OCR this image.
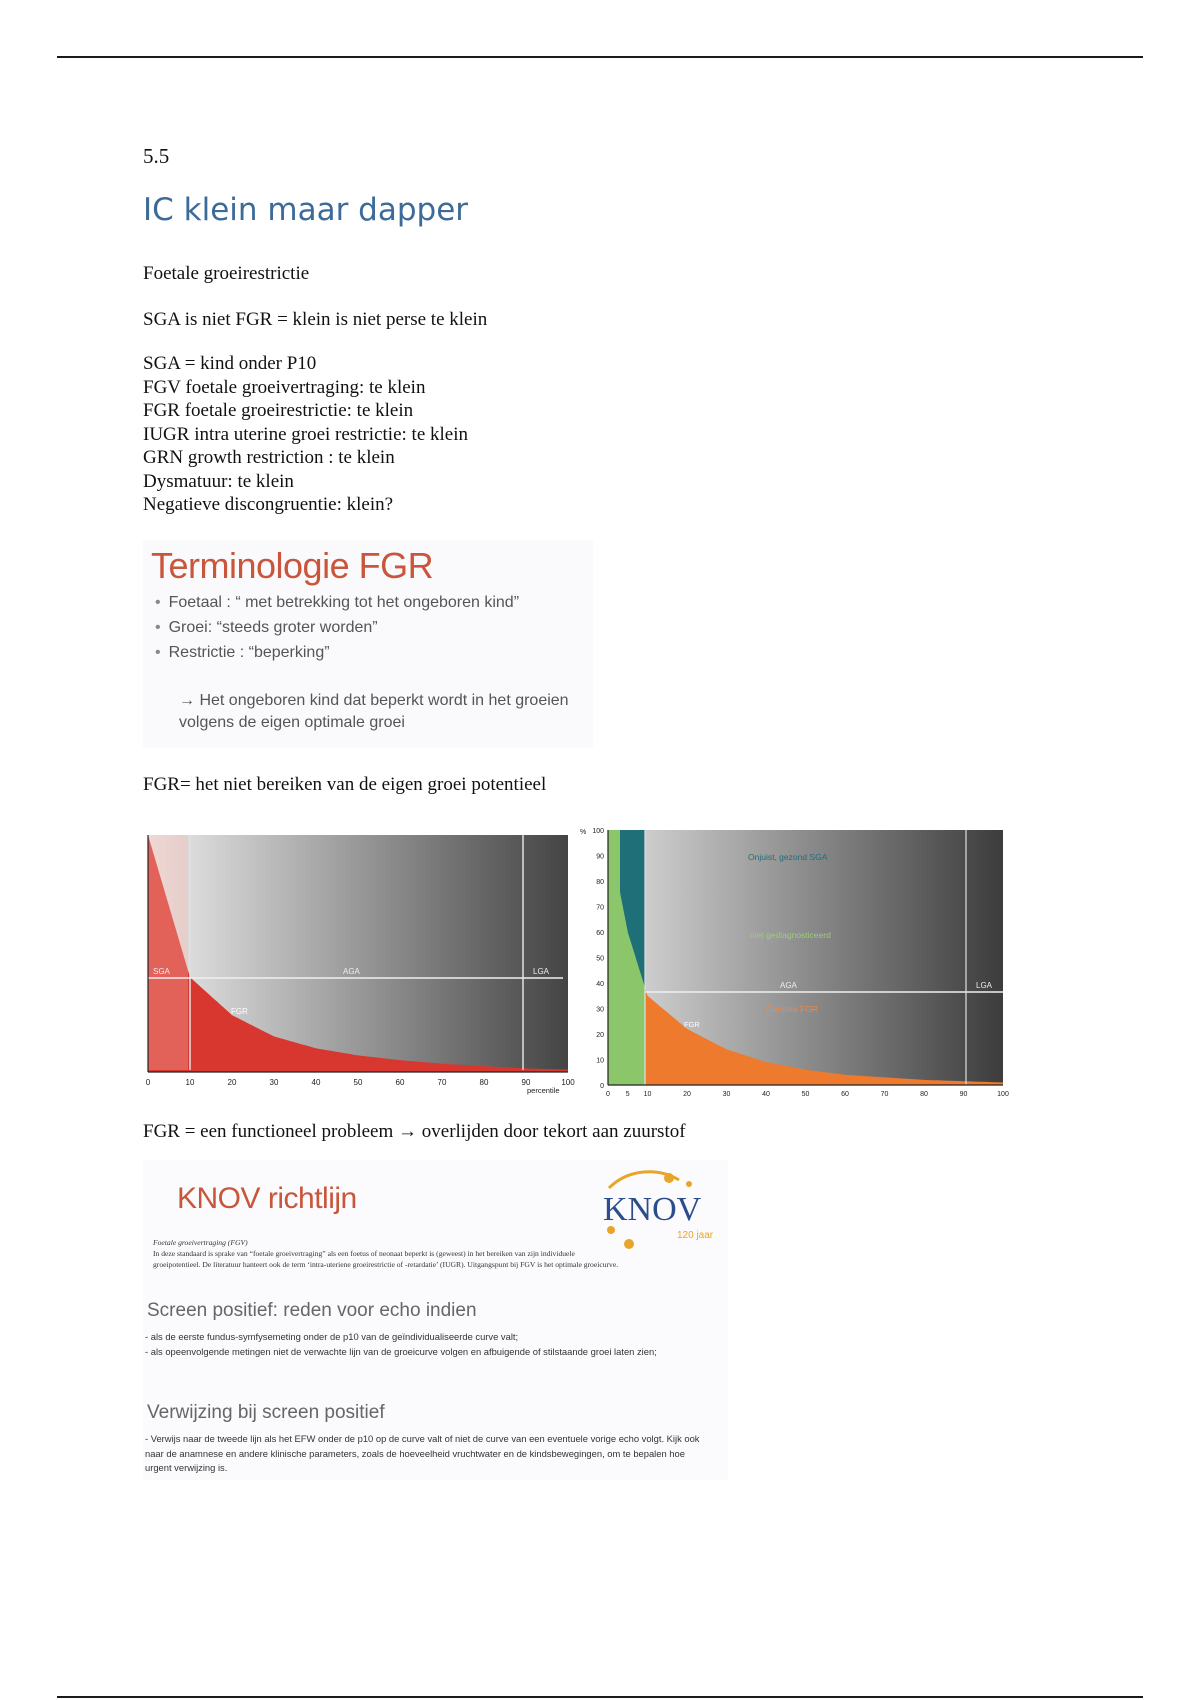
5.5
IC klein maar dapper
Foetale groeirestrictie
SGA is niet FGR = klein is niet perse te klein
SGA = kind onder P10
FGV foetale groeivertraging: te klein
FGR foetale groeirestrictie: te klein
IUGR intra uterine groei restrictie: te klein
GRN growth restriction : te klein
Dysmatuur: te klein
Negatieve discongruentie: klein?
Terminologie FGR
• Foetaal : “ met betrekking tot het ongeboren kind”
• Groei: “steeds groter worden”
• Restrictie : “beperking”
→ Het ongeboren kind dat beperkt wordt in het groeien volgens de eigen optimale groei
FGR= het niet bereiken van de eigen groei potentieel
SGA	AGA	LGA
FGR
0	10	20	30	40	50	60	70	80	90	100
percentile
AGA	LGA
FGR
Onjuist, gezond SGA
niet gediagnosticeerd
Gemiste FGR
% 100
90
80
70
60
50
40
30
20
10
0
0 5 10	20	30	40	50	60	70	80	90	100
FGR = een functioneel probleem → overlijden door tekort aan zuurstof
KNOV richtlijn	KNOV
120 jaar
Foetale groeivertraging (FGV)
In deze standaard is sprake van “foetale groeivertraging” als een foetus of neonaat beperkt is (geweest) in het bereiken van zijn individuele groeipotentieel. De literatuur hanteert ook de term ‘intra-uteriene groeirestrictie of -retardatie’ (IUGR). Uitgangspunt bij FGV is het optimale groeicurve.
Screen positief: reden voor echo indien
- als de eerste fundus-symfysemeting onder de p10 van de geïndividualiseerde curve valt;
- als opeenvolgende metingen niet de verwachte lijn van de groeicurve volgen en afbuigende of stilstaande groei laten zien;
Verwijzing bij screen positief
- Verwijs naar de tweede lijn als het EFW onder de p10 op de curve valt of niet de curve van een eventuele vorige echo volgt. Kijk ook naar de anamnese en andere klinische parameters, zoals de hoeveelheid vruchtwater en de kindsbewegingen, om te bepalen hoe urgent verwijzing is.
